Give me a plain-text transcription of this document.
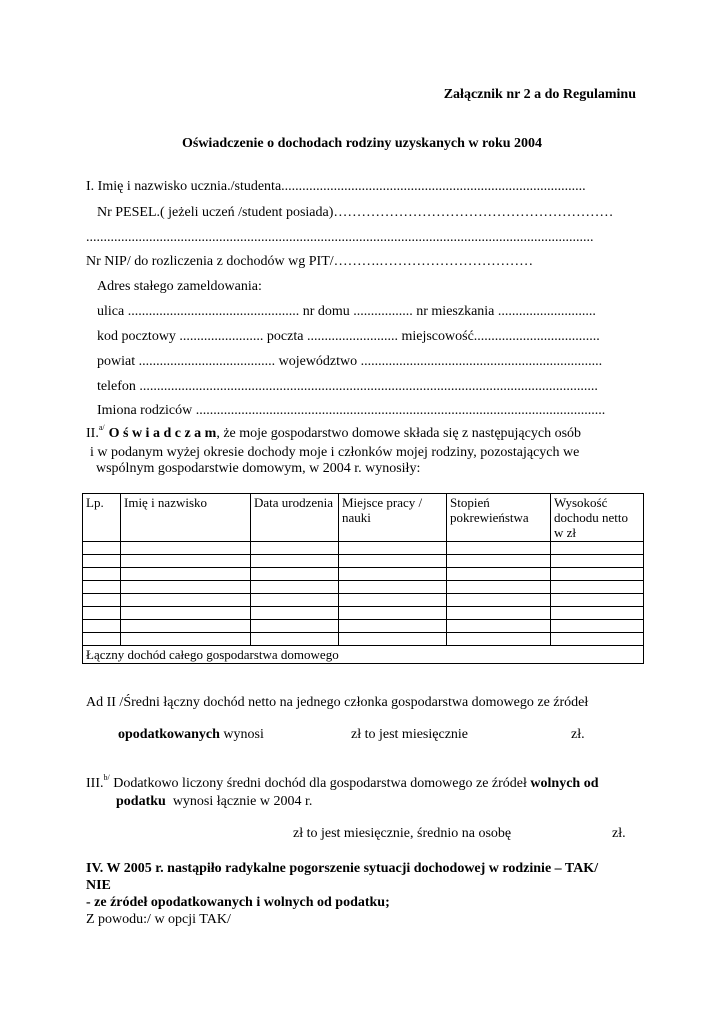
Załącznik nr 2 a do Regulaminu
Oświadczenie o dochodach rodziny uzyskanych w roku 2004
I. Imię i nazwisko ucznia./studenta.......................................................................................
Nr PESEL.( jeżeli uczeń /student posiada)……………………………………………………
.................................................................................................................................................
Nr NIP/ do rozliczenia z dochodów wg PIT/……….……………………………
Adres stałego zameldowania:
ulica ................................................. nr domu ................. nr mieszkania ............................
kod pocztowy ........................ poczta .......................... miejscowość....................................
powiat ....................................... województwo .....................................................................
telefon ...................................................................................................................................
Imiona rodziców .....................................................................................................................
II.$^{a/}$ O ś w i a d c z a m, że moje gospodarstwo domowe składa się z następujących osób
i w podanym wyżej okresie dochody moje i członków mojej rodziny, pozostających we
wspólnym gospodarstwie domowym, w 2004 r. wynosiły:
Lp.	Imię i nazwisko	Data urodzenia	Miejsce pracy / nauki	Stopień pokrewieństwa	Wysokość dochodu netto w zł

Łączny dochód całego gospodarstwa domowego					
Ad II /Średni łączny dochód netto na jednego członka gospodarstwa domowego ze źródeł
opodatkowanych wynosi	zł to jest miesięcznie	zł.
III.$^{b/}$ Dodatkowo liczony średni dochód dla gospodarstwa domowego ze źródeł wolnych od
podatku wynosi łącznie w 2004 r.
zł to jest miesięcznie, średnio na osobę	zł.
IV. W 2005 r. nastąpiło radykalne pogorszenie sytuacji dochodowej w rodzinie – TAK/
NIE
- ze źródeł opodatkowanych i wolnych od podatku;
Z powodu:/ w opcji TAK/
